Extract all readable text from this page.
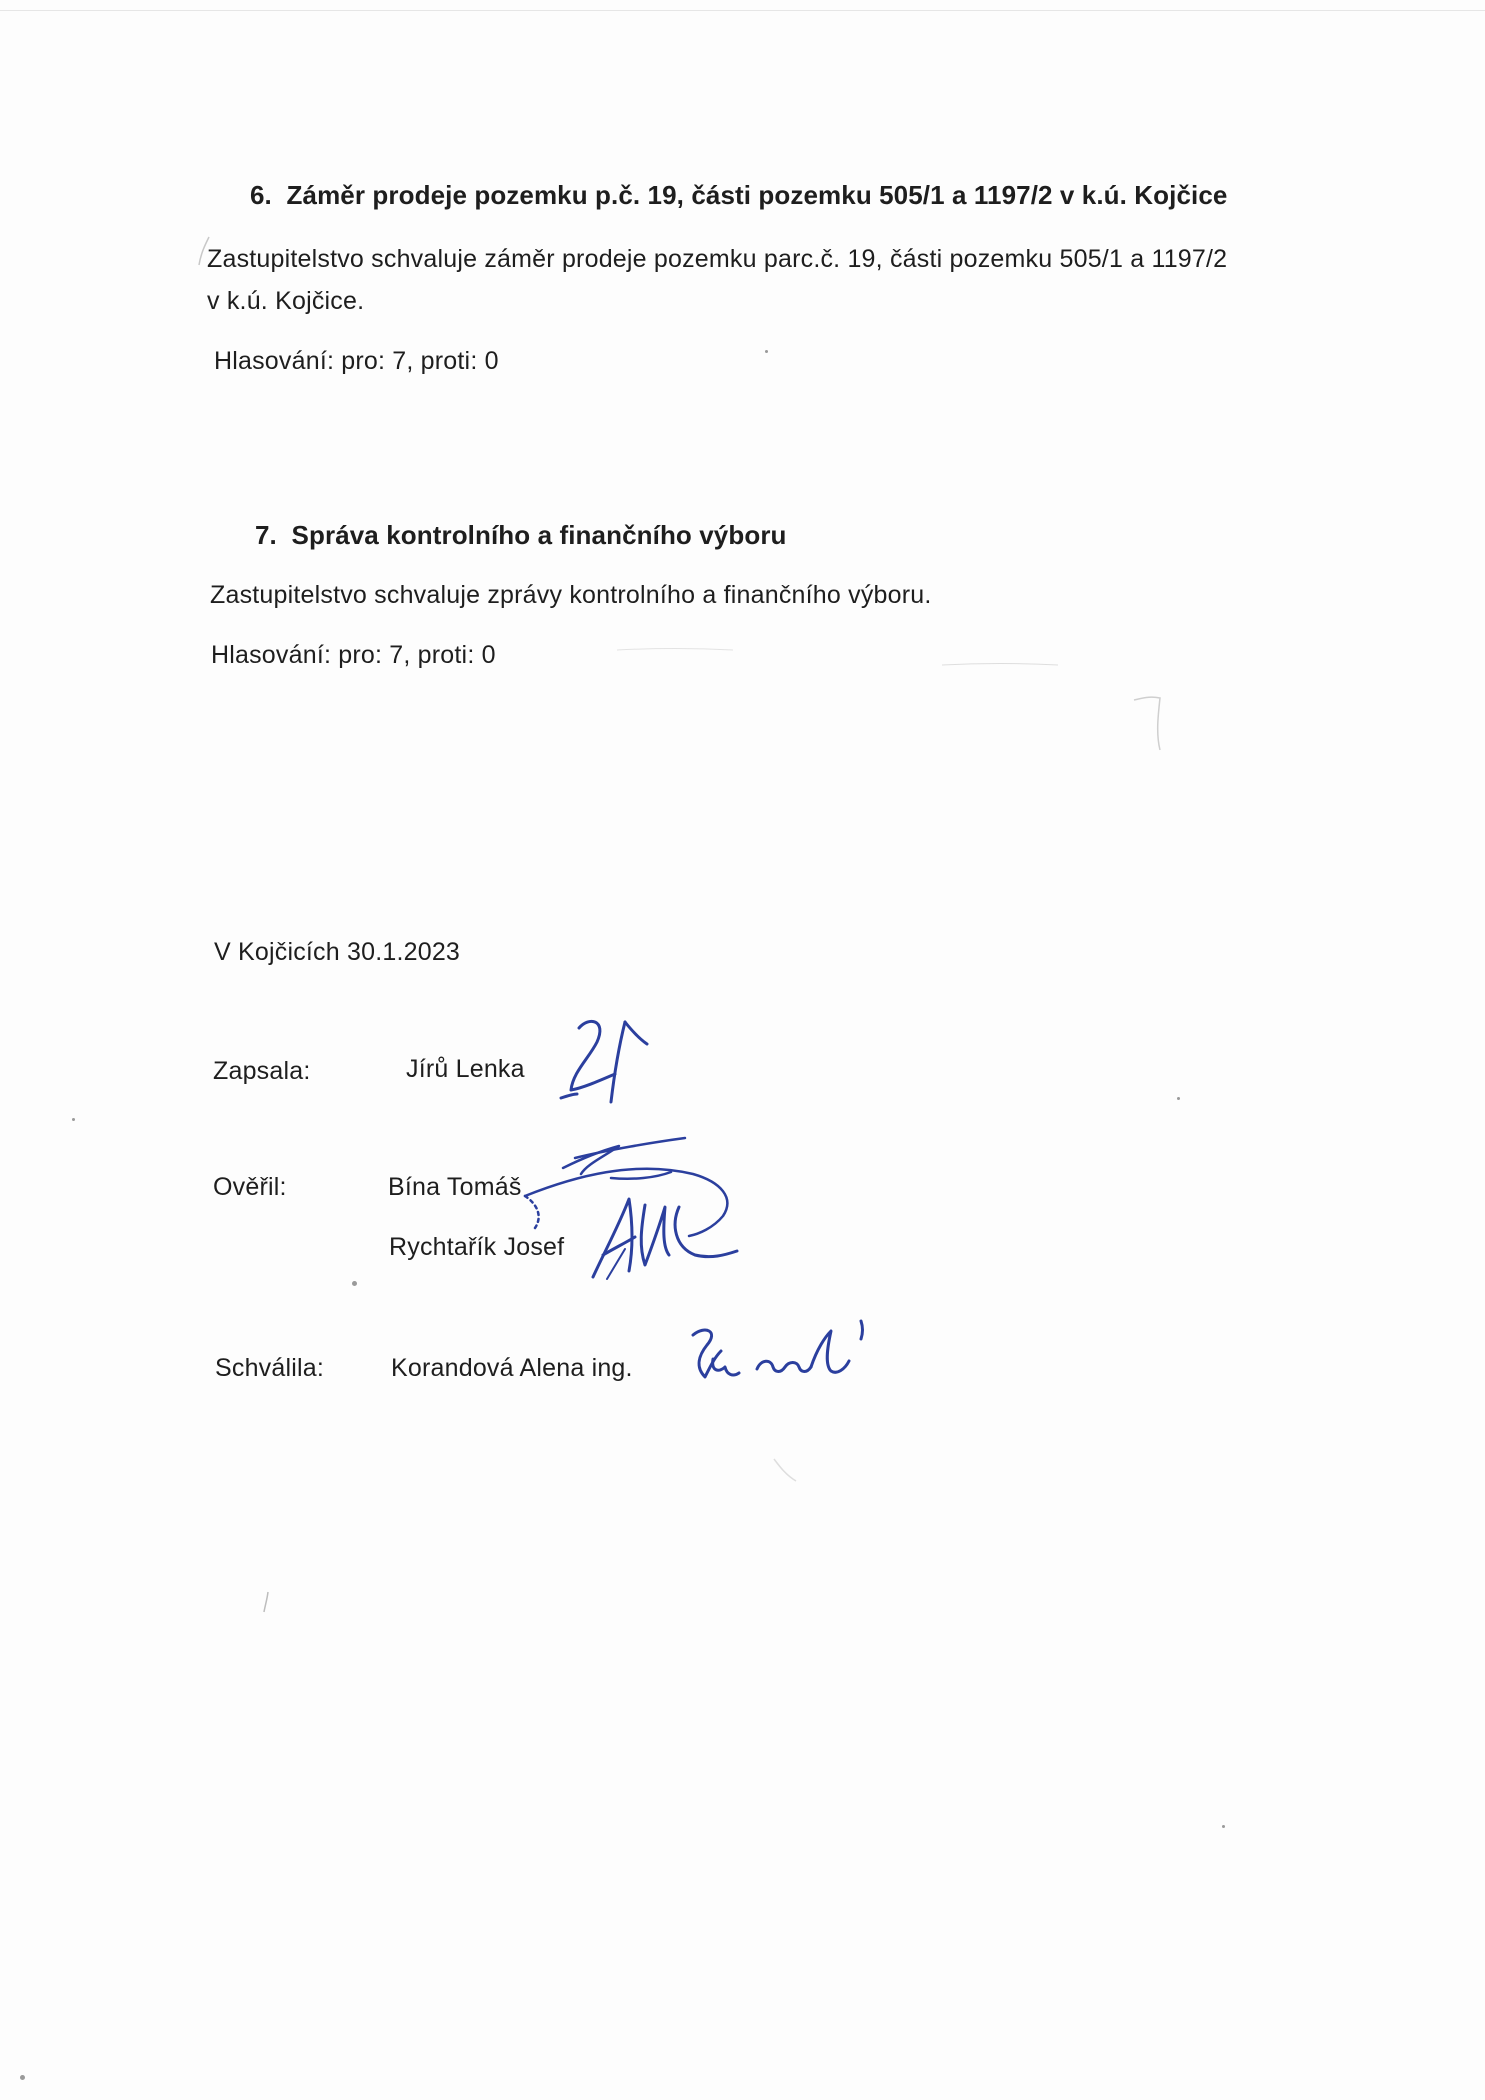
6. Záměr prodeje pozemku p.č. 19, části pozemku 505/1 a 1197/2 v k.ú. Kojčice
Zastupitelstvo schvaluje záměr prodeje pozemku parc.č. 19, části pozemku 505/1 a 1197/2
v k.ú. Kojčice.
Hlasování: pro: 7, proti: 0
7. Správa kontrolního a finančního výboru
Zastupitelstvo schvaluje zprávy kontrolního a finančního výboru.
Hlasování: pro: 7, proti: 0
V Kojčicích 30.1.2023
Zapsala:	Jírů Lenka
Ověřil:	Bína Tomáš
Rychtařík Josef
Schválila:	Korandová Alena ing.
